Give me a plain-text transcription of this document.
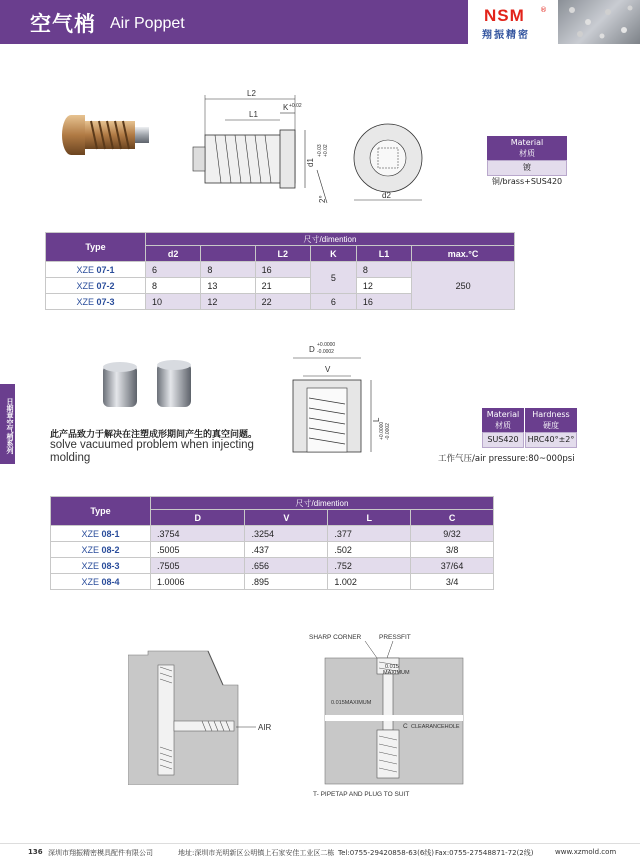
空气梢 Air Poppet	NSM ®
翔振精密
日期章空气梢系列
L2
L1
K +0.02
d1
+0.03 +0.02
2°	d2
Material
材质
镀铜/brass+SUS420
Type	尺寸/dimention					
	d2		L2	K	L1	max.°C
XZE 07-1	6	8	16	5	8	250
XZE 07-2	8	13	21		12	
XZE 07-3	10	12	22	6	16	
D +0.0000
-0.0002
V
L
+0.0000 -0.0002
此产品致力于解决在注塑成形期间产生的真空问题。
solve vacuumed problem when injecting molding
Material
材质
Hardness
硬度
SUS420	HRC40°±2°
工作气压/air pressure:80~000psi
Type	尺寸/dimention			
	D	V	L	C
XZE 08-1	.3754	.3254	.377	9/32
XZE 08-2	.5005	.437	.502	3/8
XZE 08-3	.7505	.656	.752	37/64
XZE 08-4	1.0006	.895	1.002	3/4
AIR
SHARP CORNER	PRESSFIT
0.015
MAXIMUM
0.015MAXIMUM
C CLEARANCEHOLE
T- PIPETAP AND PLUG TO SUIT
136 深圳市翔振精密模具配件有限公司	地址:深圳市光明新区公明镇上石家安佳工业区二栋 Tel:0755-29420858-63(6线) Fax:0755-27548871-72(2线)	www.xzmold.com
